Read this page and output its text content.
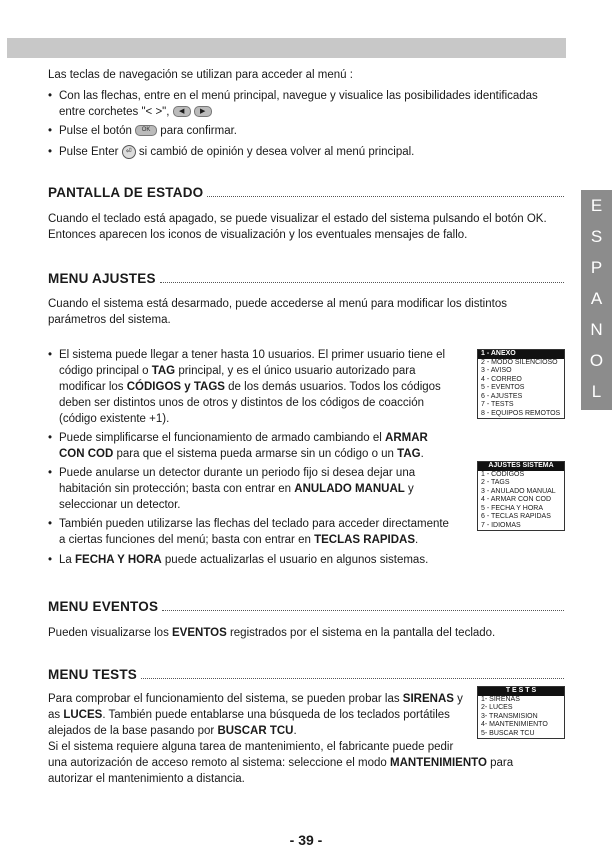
Las teclas de navegación se utilizan para acceder al menú :
• Con las flechas, entre en el menú principal, navegue y visualice las posibilidades identificadas
entre corchetes "< >", ◀ ▶
• Pulse el botón OK para confirmar.
• Pulse Enter ⏎ si cambió de opinión y desea volver al menú principal.
PANTALLA DE ESTADO
Cuando el teclado está apagado, se puede visualizar el estado del sistema pulsando el botón OK.
Entonces aparecen los iconos de visualización y los eventuales mensajes de fallo.
MENU AJUSTES
Cuando el sistema está desarmado, puede accederse al menú para modificar los distintos
parámetros del sistema.
• El sistema puede llegar a tener hasta 10 usuarios. El primer usuario tiene el
código principal o TAG principal, y es el único usuario autorizado para
modificar los CÓDIGOS y TAGS de los demás usuarios. Todos los códigos
deben ser distintos unos de otros y distintos de los códigos de coacción
(código existente +1).
• Puede simplificarse el funcionamiento de armado cambiando el ARMAR
CON COD para que el sistema pueda armarse sin un código o un TAG.
• Puede anularse un detector durante un periodo fijo si desea dejar una
habitación sin protección; basta con entrar en ANULADO MANUAL y
seleccionar un detector.
• También pueden utilizarse las flechas del teclado para acceder directamente
a ciertas funciones del menú; basta con entrar en TECLAS RAPIDAS.
• La FECHA Y HORA puede actualizarlas el usuario en algunos sistemas.
1 - ANEXO
2 - MODO SILENCIOSO
3 - AVISO
4 - CORREO
5 - EVENTOS
6 - AJUSTES
7 - TESTS
8 - EQUIPOS REMOTOS
AJUSTES SISTEMA
1 - CODIGOS
2 - TAGS
3 - ANULADO MANUAL
4 - ARMAR CON COD
5 - FECHA Y HORA
6 - TECLAS RAPIDAS
7 - IDIOMAS
MENU EVENTOS
Pueden visualizarse los EVENTOS registrados por el sistema en la pantalla del teclado.
MENU TESTS
Para comprobar el funcionamiento del sistema, se pueden probar las SIRENAS y
as LUCES. También puede entablarse una búsqueda de los teclados portátiles
alejados de la base pasando por BUSCAR TCU.
Si el sistema requiere alguna tarea de mantenimiento, el fabricante puede pedir
una autorización de acceso remoto al sistema: seleccione el modo MANTENIMIENTO para
autorizar el mantenimiento a distancia.
T E S T S
1- SIRENAS
2- LUCES
3- TRANSMISION
4- MANTENIMIENTO
5- BUSCAR TCU
E
S
P
A
N
O
L
- 39 -
